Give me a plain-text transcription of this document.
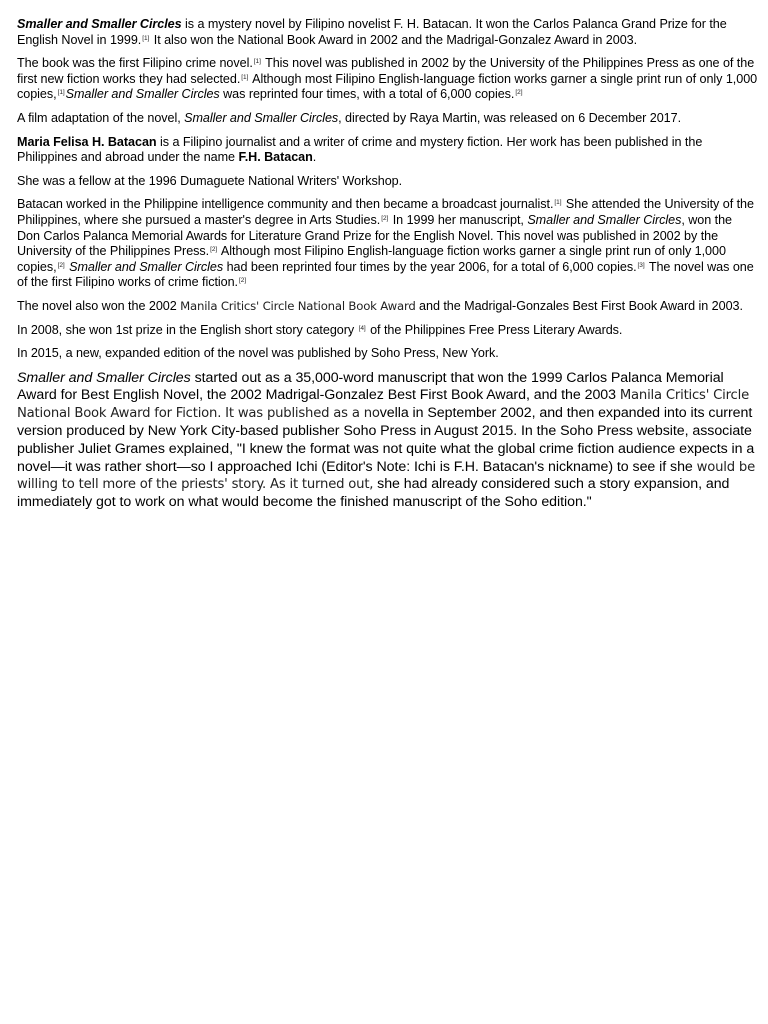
Smaller and Smaller Circles is a mystery novel by Filipino novelist F. H. Batacan. It won the Carlos Palanca Grand Prize for the English Novel in 1999.[1] It also won the National Book Award in 2002 and the Madrigal-Gonzalez Award in 2003.

The book was the first Filipino crime novel.[1] This novel was published in 2002 by the University of the Philippines Press as one of the first new fiction works they had selected.[1] Although most Filipino English-language fiction works garner a single print run of only 1,000 copies,[1]Smaller and Smaller Circles was reprinted four times, with a total of 6,000 copies.[2]

A film adaptation of the novel, Smaller and Smaller Circles, directed by Raya Martin, was released on 6 December 2017.

Maria Felisa H. Batacan is a Filipino journalist and a writer of crime and mystery fiction. Her work has been published in the Philippines and abroad under the name F.H. Batacan.

She was a fellow at the 1996 Dumaguete National Writers' Workshop.

Batacan worked in the Philippine intelligence community and then became a broadcast journalist.[1] She attended the University of the Philippines, where she pursued a master's degree in Arts Studies.[2] In 1999 her manuscript, Smaller and Smaller Circles, won the Don Carlos Palanca Memorial Awards for Literature Grand Prize for the English Novel. This novel was published in 2002 by the University of the Philippines Press.[2] Although most Filipino English-language fiction works garner a single print run of only 1,000 copies,[2] Smaller and Smaller Circles had been reprinted four times by the year 2006, for a total of 6,000 copies.[3] The novel was one of the first Filipino works of crime fiction.[2]

The novel also won the 2002 Manila Critics' Circle National Book Award and the Madrigal-Gonzales Best First Book Award in 2003.

In 2008, she won 1st prize in the English short story category [4] of the Philippines Free Press Literary Awards.

In 2015, a new, expanded edition of the novel was published by Soho Press, New York.

Smaller and Smaller Circles started out as a 35,000-word manuscript that won the 1999 Carlos Palanca Memorial Award for Best English Novel, the 2002 Madrigal-Gonzalez Best First Book Award, and the 2003 Manila Critics' Circle National Book Award for Fiction. It was published as a novella in September 2002, and then expanded into its current version produced by New York City-based publisher Soho Press in August 2015. In the Soho Press website, associate publisher Juliet Grames explained, "I knew the format was not quite what the global crime fiction audience expects in a novel—it was rather short—so I approached Ichi (Editor's Note: Ichi is F.H. Batacan's nickname) to see if she would be willing to tell more of the priests' story. As it turned out, she had already considered such a story expansion, and immediately got to work on what would become the finished manuscript of the Soho edition."
